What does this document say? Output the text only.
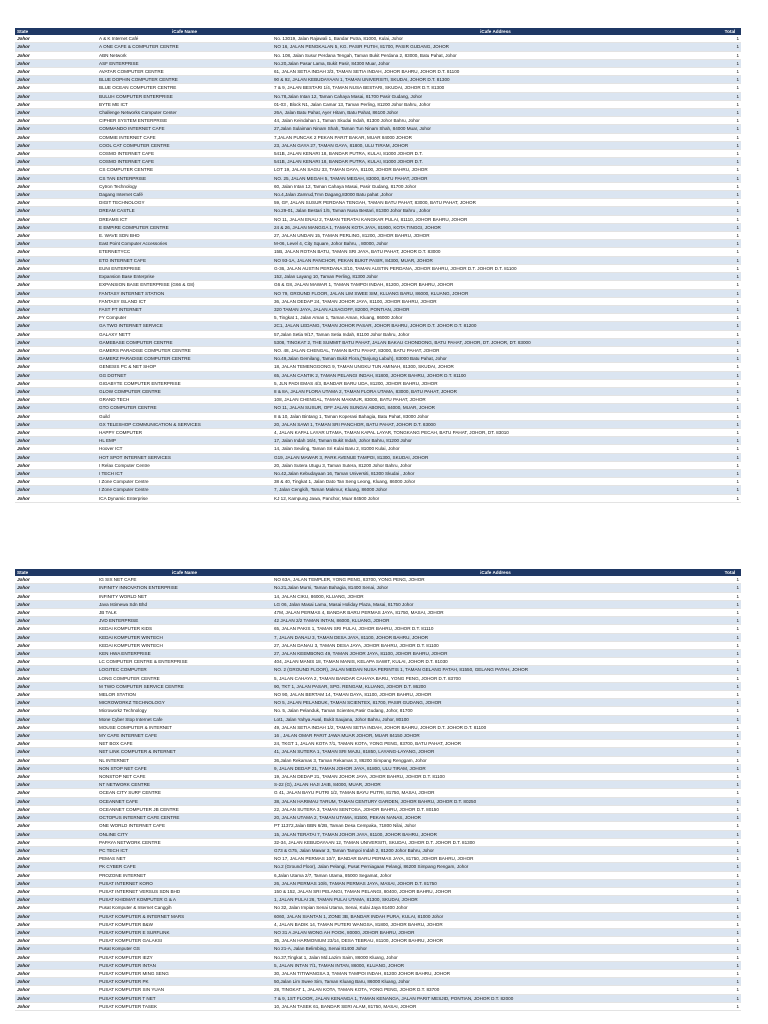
State	iCafe Name	iCafe Address	Total
Johor	A & K Internet Café	No. 13019, Jalan Rajawali 1, Bandar Putra, 81000, Kulai, Johor	1
Johor	A ONE CAFE & COMPUTER CENTRE	NO 16, JALAN PENGKALAN 5, KG. PASIR PUTIH, 81700, PASIR GUDANG, JOHOR	1
Johor	ABN Network	No. 108, Jalan Susur Perdana Tengah, Taman Bukit Perdana 2, 83000, Batu Pahat, Johor	1
Johor	ASF ENTERPRISE	No.20,Jalan Pasar Lama, Bukit Pasir, 84300 Muar, Johor	1
Johor	AVATAR COMPUTER CENTRE	61, JALAN SETIA INDAH 3/3, TAMAN SETIA INDAH, JOHOR BAHRU, JOHOR D.T. 81100	1
Johor	BLUE DOPHIN COMPUTER CENTRE	90 & 92, JALAN KEBUDAYAAN 1, TAMAN UNIVERSITI, SKUDAI, JOHOR D.T. 81300	1
Johor	BLUE OCEAN COMPUTER CENTRE	7 & 9, JALAN BESTARI 1/4, TAMAN NUSA BESTARI, SKUDAI, JOHOR D.T. 81300	1
Johor	BULUH COMPUTER ENTERPRISE	No.78,Jalan Intan 12, Taman Cahaya Masai, 81700 Pasir Gudang, Johor	1
Johor	BYTE ME ICT	01-03 , Block N1, Jalan Camar 13, Taman Perling, 81200 Johor Bahru, Johor	1
Johor	Challenge Networks Computer Center	26A, Jalan Batu Pahat, Ayer Hitam, Batu Pahat, 86100 Johor	1
Johor	CIPHER SYSTEM ENTERPRISE	44, Jalan Keindahan 1, Taman Skudai Indah, 81300 Johor Bahru, Johor	1
Johor	COMMANDO INTERNET CAFE	27,Jalan Sulaiman Ninam Shah, Taman Tun Ninam Shah, 84000 Muar, Johor	1
Johor	COMMIE INTERNET CAFE	7,JALAN PUNCAK 2 PEKAN PARIT BAKAR, MUAR 84000 JOHOR	1
Johor	COOL CAT COMPUTER CENTRE	23, JALAN GAYA 27, TAMAN GAYA, 81800, ULU TIRAM, JOHOR	1
Johor	COSMO INTERNET CAFE	541B, JALAN KENARI 18, BANDAR PUTRA, KULAI, 81000 JOHOR D.T.	1
Johor	COSMO INTERNET CAFE	541B, JALAN KENARI 18, BANDAR PUTRA, KULAI, 81000 JOHOR D.T.	1
Johor	CS COMPUTER CENTRE	LOT 19, JALAN SAGU 33, TAMAN DAYA, 81100, JOHOR BAHRU, JOHOR	1
Johor	CS TAN ENTERPRISE	NO. 25, JALAN MEGAH 5, TAMAN MEGAH, 83000, BATU PAHAT, JOHOR	1
Johor	Cytron Technology	60, Jalan Intan 12, Taman Cahaya Masai, Pasir Gudang, 81700 Johor	1
Johor	Dagang Internet Café	No.4,Jalan Zamrud,Tmn Dagang,83000 Batu pahat ,Johor	1
Johor	DIGIT TECHNOLOGY	59, GF, JALAN SUSUR PERDANA TENGAH, TAMAN BATU PAHAT, 83000, BATU PAHAT, JOHOR	1
Johor	DREAM CASTLE	No.29-01, Jalan Bestari 1/5, Taman Nusa Bestari, 81300 Johor Bahru , Johor	1
Johor	DREAMS ICT	NO 11, JALAN ENAU 2, TAMAN TERATAI KANGKAR PULAI, 81110, JOHOR BAHRU, JOHOR	1
Johor	E EMPIRE COMPUTER CENTRE	24 & 26, JALAN MANGGA 1, TAMAN KOTA JAYA, 81900, KOTA TINGGI, JOHOR	1
Johor	E. WAVE SDN BHD	27, JALAN UNDAN 15, TAMAN PERLING, 81200, JOHOR BAHRU, JOHOR	1
Johor	East Point Computer Accessories	M-06, Level 4, City Square, Johor Bahru, , 80000, Johor	1
Johor	ETERNETYCC	15B, JALAN ROTAN BATU, TAMAN SRI JAYA, BATU PAHAT, JOHOR D.T. 83000	1
Johor	ETO INTERNET CAFE	NO 93-1A, JALAN PANCHOR, PEKAN BUKIT PASIR, 84300, MUAR, JOHOR	1
Johor	EUNI ENTERPRISE	G-36, JALAN AUSTIN PERDANA 3/10, TAMAN AUSTIN PERDANA, JOHOR BAHRU, JOHOR D.T. JOHOR D.T. 81100	1
Johor	Expansion Base Enterprise	152, Jalan Layang 10, Taman Perling, 81300 Johor	1
Johor	EXPANSION BASE ENTERPRISE (G66 & G8)	G6 & G8, JALAN MAWAR 1, TAMAN TAMPOI INDAH, 81200, JOHOR BAHRU, JOHOR	1
Johor	FANTASY INTERNET STATION	NO 79, GROUND FLOOR, JALAN LIM SWEE SIM, KLUANG BARU, 86000, KLUANG, JOHOR	1
Johor	FANTASY ISLAND ICT	36, JALAN DEDAP 24, TAMAN JOHOR JAYA, 81100, JOHOR BAHRU, JOHOR	1
Johor	FAST PT INTERNET	320 TAMAN JAYA, JALAN ALSAGOFF, 82000, PONTIAN, JOHOR	1
Johor	FY Computer	5, Tingkat 1, Jalan Aman 1, Taman Aman, Kluang, 86000 Johor	1
Johor	GA TWO INTERNET SERVICE	2C1, JALAN LEDANG, TAMAN JOHOR PASAR, JOHOR BAHRU, JOHOR D.T. JOHOR D.T. 81200	1
Johor	GALAXY NETT	57,Jalan Setia 9/17, Taman Setia Indah, 81100 Johor Bahru, Johor	1
Johor	GAMEBASE COMPUTER CENTRE	5308, TINGKAT 2, THE SUMMIT BATU PAHAT, JALAN BAKAU CHONDONG, BATU PAHAT, JOHOR, DT. JOHOR, DT. 83000	1
Johor	GAMERS PARADISE COMPUTER CENTRE	NO. 48, JALAN CHENGAL, TAMAN BATU PAHAT, 83000, BATU PAHAT, JOHOR	1
Johor	GAMERZ PARADISE COMPUTER CENTRE	No.49,Jalan Gemilang, Taman Bukit Flora,(Tanjung Labuh), 83000 Batu Pahat, Johor	1
Johor	GENESIS PC & NET SHOP	18, JALAN TEMENGGONG 9, TAMAN UNGKU TUN AMINAH, 81300, SKUDAI, JOHOR	1
Johor	GG DOTNET	65, JALAN CANTIK 2, TAMAN PELANGI INDAH, 81800, JOHOR BAHRU, JOHOR D.T. 81100	1
Johor	GIGABYTE COMPUTER ENTERPRISE	5, JLN PADI EMAS 4/3, BANDAR BARU UDA, 81200, JOHOR BAHRU, JOHOR	1
Johor	GLOW COMPUTER CENTRE	8 & 8A, JALAN FLORA UTAMA 2, TAMAN FLORA UTAMA, 83000, BATU PAHAT, JOHOR	1
Johor	GRAND TECH	108, JALAN CHENGAL, TAMAN MAKMUR, 83000, BATU PAHAT, JOHOR	1
Johor	GTO COMPUTER CENTRE	NO 11, JALAN SUSUR, OFF JALAN SUNGAI ABONG, 84000, MUAR, JOHOR	1
Johor	Guild	8 & 10, Jalan Bintang 1, Taman Koperasi Bahagia, Batu Pahat, 83000 Johor	1
Johor	GX TELESHOP COMMUNICATION & SERVICES	20, JALAN SAWI 1, TAMAN SRI PANCHOR, BATU PAHAT, JOHOR D.T. 83000	1
Johor	HAPPY COMPUTER	4, JALAN KAPAL LAYAR UTAMA, TAMAN KAPAL LAYAR, TONGKANG PECAH, BATU PAHAT, JOHOR, DT. 83010	1
Johor	HL EMP	17, Jalan Indah 16/4, Taman Bukit Indah, Johor Bahru, 81200 Johor	1
Johor	Hoover ICT	14, Jalan Seuling, Taman Sri Kulai Baru 2, 81000 Kulai, Johor	1
Johor	HOT SPOT INTERNET SERVICES	G19, JALAN MAWAR 3, PARK AVENUE TAMPOI, 81300, SKUDAI, JOHOR	1
Johor	I Relax Computer Centre	20, Jalan Sutera Utugu 3, Taman Sutera, 81200 Johor Bahru, Johor	1
Johor	I TECH ICT	No.42,Jalan Kebudayaan 16, Taman Universiti, 81300 Skudai , Johor	1
Johor	I Zone Computer Centre	38 & 40, Tingkat 1, Jalan Dato Tan Seng Leong, Kluang, 86000 Johor	1
Johor	I Zone Computer Centre	7, Jalan Cengkih, Taman Makmur, Kluang, 86000 Johor	1
Johor	ICA Dynamic Enterprise	KJ 12, Kampung Jawa, Panchor, Muar 84500 Johor	1
State	iCafe Name	iCafe Address	Total
Johor	IG SIX NET CAFE	NO 63A, JALAN TEMPLER, YONG PENG, 83700, YONG PENG, JOHOR	1
Johor	INFINITY INNOVATION ENTERPRISE	No.21,Jalan Murni, Taman Bahagia, 81400 Senai, Johor	1
Johor	INFINITY WORLD NET	14, JALAN CIKU, 86000, KLUANG, JOHOR	1
Johor	Java Istimewa Sdn Bhd	LG 06, Jalan Masai Lama, Masai Holiday Plaza, Masai, 81750 Johor	1
Johor	JB TALK	47M, JALAN PERMAS 4, BANDAR BARU PERMAS JAYA, 81750, MASAI, JOHOR	1
Johor	JVD ENTERPRISE	42 JALAN 2/2 TAMAN INTAN, 86000, KLUANG, JOHOR	1
Johor	KEDAI KOMPUTER KIDS	65, JALAN PAKIS 1, TAMAN SRI PULAI, JOHOR BAHRU, JOHOR D.T. 81110	1
Johor	KEDAI KOMPUTER WINTECH	7, JALAN DANAU 3, TAMAN DESA JAYA, 81100, JOHOR BAHRU, JOHOR	1
Johor	KEDAI KOMPUTER WINTECH	27, JALAN DANAU 3, TAMAN DESA JAYA, JOHOR BAHRU, JOHOR D.T. 81100	1
Johor	KEN HWA ENTERPRISE	27, JALAN KEEMBONG 49, TAMAN JOHOR JAYA, 81100, JOHOR BAHRU, JOHOR	1
Johor	LC COMPUTER CENTRE & ENTERPRISE	404, JALAN MANIS 18, TAMAN MANIS, KELAPA SAWIT, KULAI, JOHOR D.T. 81030	1
Johor	LOGITEC COMPUTER	NO. 2 (GROUND FLOOR), JALAN MEDAN NUSA PERINTIS 1, TAMAN GELANG PATAH, 81550, GELANG PATAH, JOHOR	1
Johor	LONG COMPUTER CENTRE	5, JALAN CAHAYA 2, TAMAN BANDAR CAHAYA BARU, YONG PENG, JOHOR D.T. 83700	1
Johor	M TWO COMPUTER SERVICE CENTRE	90, TKT 1, JALAN PASAR, SPG. RENGAM, KLUANG, JOHOR D.T. 86200	1
Johor	MELOR STATION	NO 90, JALAN BERTAM 14, TAMAN DAYA, 81100, JOHOR BAHRU, JOHOR	1
Johor	MICROWORKZ TECHNOLOGY	NO 5, JALAN PELANDUK, TAMAN SCIENTEX, 81700, PASIR GUDANG, JOHOR	1
Johor	Microworkz Technology	No. 5, Jalan Pelanduk, Taman Scientex,Pasir Gudang, Johor, 81700	1
Johor	Mone Cyber Stop Internet Cafe	Lot1, Jalan Yahya Awal, Bukit Saujana, Johor Bahru, Johor, 80100	1
Johor	MOUSE COMPUTER & INTERNET	49, JALAN SETIA INDAH 1/2, TAMAN SETIA INDAH, JOHOR BAHRU, JOHOR D.T. JOHOR D.T. 81100	1
Johor	MY CAFE INTERNET CAFE	16 , JALAN OMAR PARIT JAWA MUAR JOHOR, MUAR 84150 JOHOR	1
Johor	NET BOX CAFE	24, TKGT 1, JALAN KOTA 7/1, TAMAN KOTA, YONG PENG, 83700, BATU PAHAT, JOHOR	1
Johor	NET LINK COMPUTER & INTERNET	41, JALAN SUTERA 1, TAMAN SRI MAJU, 81850, LAYANG-LAYANG, JOHOR	1
Johor	NL INTERNET	36,Jalan Rekamas 3, Taman Rekamas 3, 86200 Simpang Renggam, Johor	1
Johor	NON STOP NET CAFE	9, JALAN DEDAP 21, TAMAN JOHOR JAYA, 81800, ULU TIRAM, JOHOR	1
Johor	NONSTOP NET CAFE	19, JALAN DEDAP 21, TAMAN JOHOR JAYA, JOHOR BAHRU, JOHOR D.T. 81100	1
Johor	NT NETWORK CENTRE	S-22 (G), JALAN HAJI JAIB, 84000, MUAR, JOHOR	1
Johor	OCEAN CITY SURF CENTRE	G 41, JALAN BAYU PUTRI 1/2, TAMAN BAYU PUTRI, 81750, MASAI, JOHOR	1
Johor	OCEANNET CAFE	38, JALAN HARIMAU TARUM, TAMAN CENTURY GARDEN, JOHOR BAHRU, JOHOR D.T. 80250	1
Johor	OCEANNET COMPUTER JB CENTRE	22, JALAN SUTERA 3, TAMAN SENTOSA, JOHOR BAHRU, JOHOR D.T. 80150	1
Johor	OCTOPUS INTERNET CAFE CENTRE	20, JALAN UTAMA 2, TAMAN UTAMA, 81500, PEKAN NANAS, JOHOR	1
Johor	ONE WORLD INTERNET CAFE	PT 11372,Jalan BBN 6/2B, Taman Desa Cempaka, 71800 Nilai, Johor	1
Johor	ONLINE CITY	15, JALAN TERATAI 7, TAMAN JOHOR JAYA, 81100, JOHOR BAHRU, JOHOR	1
Johor	PAPAYA NETWORK CENTRE	32-34, JALAN KEBUDAYAAN 12, TAMAN UNIVERSITI, SKUDAI, JOHOR D.T. JOHOR D.T. 81300	1
Johor	PC TECH ICT	G73 & G75, Jalan Mawar 3, Taman Tampoi Indah 2, 81200 Johor Bahru, Johor	1
Johor	PEMAS NET	NO 17, JALAN PERMAS 10/7, BANDAR BARU PERMAS JAYA, 81750, JOHOR BAHRU, JOHOR	1
Johor	PK CYBER CAFE	No.2 (Ground Floor), Jalan Pelangi, Pusat Perniagaan Pelangi, 86200 Simpang Rengam, Johor	1
Johor	PROZONE INTERNET	6,Jalan Utama 2/7, Taman Utama, 85000 Segamat, Johor	1
Johor	PUSAT INTERNET KORO	26, JALAN PERMAS 10/6, TAMAN PERMAS JAYA, MASAI, JOHOR D.T. 81750	1
Johor	PUSAT INTERNET VERSUS SDN BHD	150 & 152, JALAN SRI PELANGI, TAMAN PELANGI, 80400, JOHOR BAHRU, JOHOR	1
Johor	PUSAT KHIDMAT KOMPUTER G & A	1, JALAN PULAI 26, TAMAN PULAI UTAMA, 81300, SKUDAI, JOHOR	1
Johor	Pusat Komputer & Internet Canggih	No 32, Jalan Impian Senai Utama, Senai, Kulai Jaya 81400 Johor	1
Johor	PUSAT KOMPUTER & INTERNET MARS	6060, JALAN SIANTAN 1, ZONE 3B, BANDAR INDAH PURA, KULAI, 81000 Johor	1
Johor	PUSAT KOMPUTER B&W	4, JALAN BADIK 14, TAMAN PUTERI WANGSA, 81800, JOHOR BAHRU, JOHOR	1
Johor	PUSAT KOMPUTER E SURFLINK	NO 31 A JALAN WONG AH FOOK, 80000, JOHOR BAHRU, JOHOR	1
Johor	PUSAT KOMPUTER GALAKSI	35, JALAN HARMONIUM 23/14, DESA TEBRAU, 81100, JOHOR BAHRU, JOHOR	1
Johor	Pusat Komputer GS	No 21-A, Jalan Belimbing, Senai 81400 Johor	1
Johor	PUSAT KOMPUTER IEZY	No.37,Tingkat 1, Jalan Md.Lazim Saim, 86000 Kluang, Johor	1
Johor	PUSAT KOMPUTER INTAN	5, JALAN INTAN 7/1, TAMAN INTAN, 86000, KLUANG, JOHOR	1
Johor	PUSAT KOMPUTER MING SENG	30, JALAN TITIWANGSA 3, TAMAN TAMPOI INDAH, 81200 JOHOR BAHRU, JOHOR	1
Johor	PUSAT KOMPUTER PK	50,Jalan Lim Swee Sim, Taman Kluang Baru, 86000 Kluang, Johor	1
Johor	PUSAT KOMPUTER SIN YUAN	28, TINGKAT 1, JALAN KOTA, TAMAN KOTA, YONG PENG, JOHOR D.T. 83700	1
Johor	PUSAT KOMPUTER T NET	7 & 9, 1ST FLOOR, JALAN KENANGA 1, TAMAN KENANGA, JALAN PARIT MESJID, PONTIAN, JOHOR D.T. 82000	1
Johor	PUSAT KOMPUTER TASEK	10, JALAN TASEK 61, BANDAR SERI ALAM, 81750, MASAI, JOHOR	1
